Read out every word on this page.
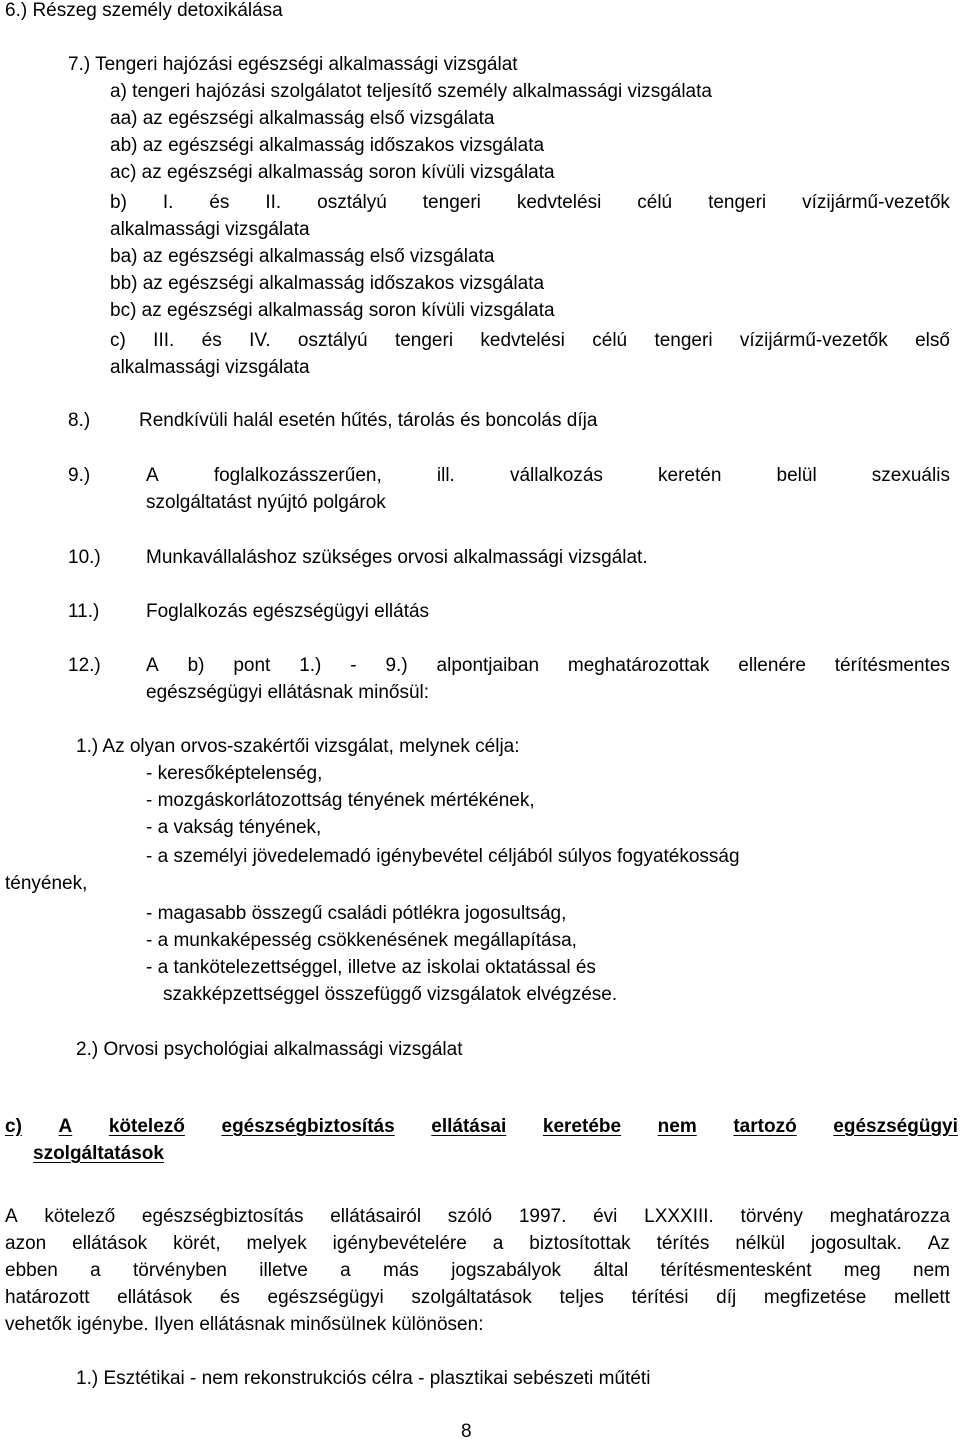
6.) Részeg személy detoxikálása
7.) Tengeri hajózási egészségi alkalmassági vizsgálat
a) tengeri hajózási szolgálatot teljesítő személy alkalmassági vizsgálata
aa) az egészségi alkalmasság első vizsgálata
ab) az egészségi alkalmasság időszakos vizsgálata
ac) az egészségi alkalmasság soron kívüli vizsgálata
b) I. és II. osztályú tengeri kedvtelési célú tengeri vízijármű-vezetők
alkalmassági vizsgálata
ba) az egészségi alkalmasság első vizsgálata
bb) az egészségi alkalmasság időszakos vizsgálata
bc) az egészségi alkalmasság soron kívüli vizsgálata
c) III. és IV. osztályú tengeri kedvtelési célú tengeri vízijármű-vezetők első
alkalmassági vizsgálata
8.)	Rendkívüli halál esetén hűtés, tárolás és boncolás díja
9.)	A	foglalkozásszerűen,	ill.	vállalkozás	keretén	belül	szexuális
szolgáltatást nyújtó polgárok
10.) Munkavállaláshoz szükséges orvosi alkalmassági vizsgálat.
11.) Foglalkozás egészségügyi ellátás
12.) A b) pont 1.) - 9.) alpontjaiban meghatározottak ellenére térítésmentes
egészségügyi ellátásnak minősül:
1.) Az olyan orvos-szakértői vizsgálat, melynek célja:
- keresőképtelenség,
- mozgáskorlátozottság tényének mértékének,
- a vakság tényének,
- a személyi jövedelemadó igénybevétel céljából súlyos fogyatékosság
tényének,
- magasabb összegű családi pótlékra jogosultság,
- a munkaképesség csökkenésének megállapítása,
- a tankötelezettséggel, illetve az iskolai oktatással és
szakképzettséggel összefüggő vizsgálatok elvégzése.
2.) Orvosi psychológiai alkalmassági vizsgálat
c) A kötelező egészségbiztosítás ellátásai keretébe nem tartozó egészségügyi
szolgáltatások
A kötelező egészségbiztosítás ellátásairól szóló 1997. évi LXXXIII. törvény meghatározza
azon ellátások körét, melyek igénybevételére a biztosítottak térítés nélkül jogosultak. Az
ebben a törvényben illetve a más jogszabályok által térítésmentesként meg nem
határozott ellátások és egészségügyi szolgáltatások teljes térítési díj megfizetése mellett
vehetők igénybe. Ilyen ellátásnak minősülnek különösen:
1.) Esztétikai - nem rekonstrukciós célra - plasztikai sebészeti műtéti
8
